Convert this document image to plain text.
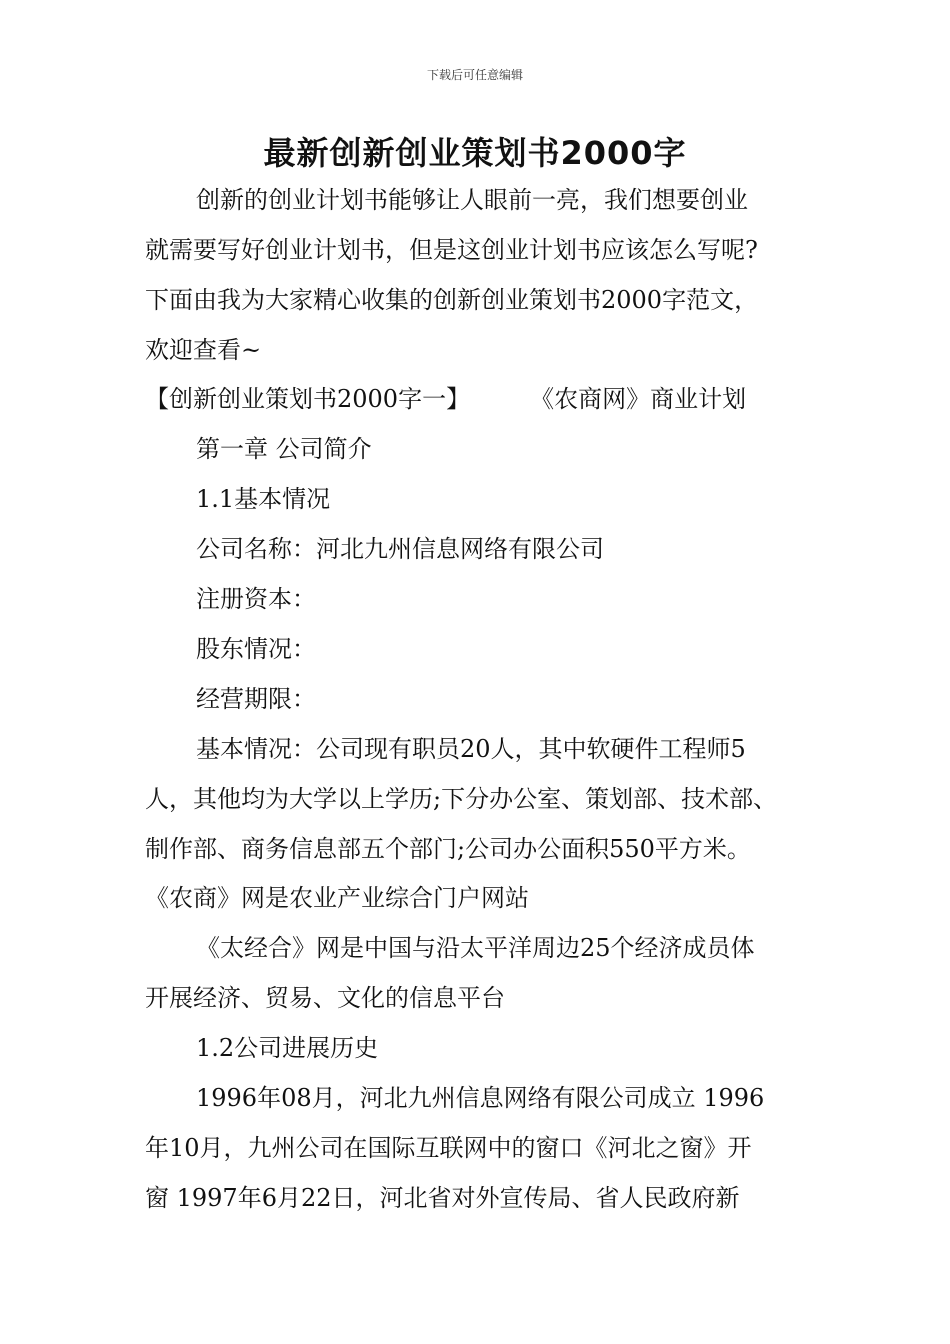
下载后可任意编辑
最新创新创业策划书2000字
创新的创业计划书能够让人眼前一亮，我们想要创业
就需要写好创业计划书，但是这创业计划书应该怎么写呢?
下面由我为大家精心收集的创新创业策划书2000字范文，
欢迎查看~
【创新创业策划书2000字一】	《农商网》商业计划
第一章 公司简介
1.1基本情况
公司名称：河北九州信息网络有限公司
注册资本：
股东情况：
经营期限：
基本情况：公司现有职员20人，其中软硬件工程师5
人，其他均为大学以上学历;下分办公室、策划部、技术部、
制作部、商务信息部五个部门;公司办公面积550平方米。
《农商》网是农业产业综合门户网站
《太经合》网是中国与沿太平洋周边25个经济成员体
开展经济、贸易、文化的信息平台
1.2公司进展历史
1996年08月，河北九州信息网络有限公司成立 1996
年10月，九州公司在国际互联网中的窗口《河北之窗》开
窗 1997年6月22日，河北省对外宣传局、省人民政府新
